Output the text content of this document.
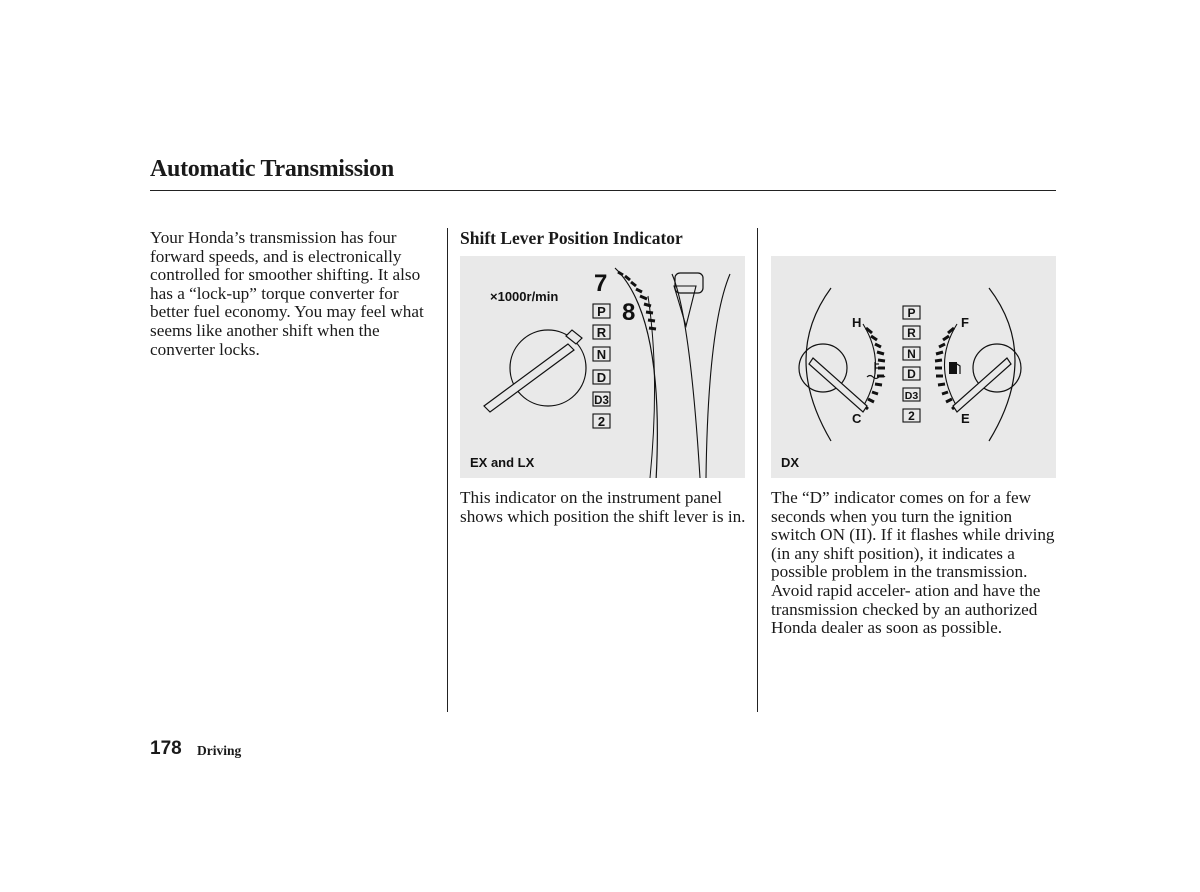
Automatic Transmission
Your Honda’s transmission has four forward speeds, and is electronically controlled for smoother shifting. It also has a “lock-up” torque converter for better fuel economy. You may feel what seems like another shift when the converter locks.
Shift Lever Position Indicator
×1000r/min 7
8
P
R
N
D
D3
2
EX and LX
H
C
F
E
P
R
N
D
D3
2
DX
This indicator on the instrument panel shows which position the shift lever is in.
The “D” indicator comes on for a few seconds when you turn the ignition switch ON (II). If it flashes while driving (in any shift position), it indicates a possible problem in the transmission. Avoid rapid acceler- ation and have the transmission checked by an authorized Honda dealer as soon as possible.
178 Driving
